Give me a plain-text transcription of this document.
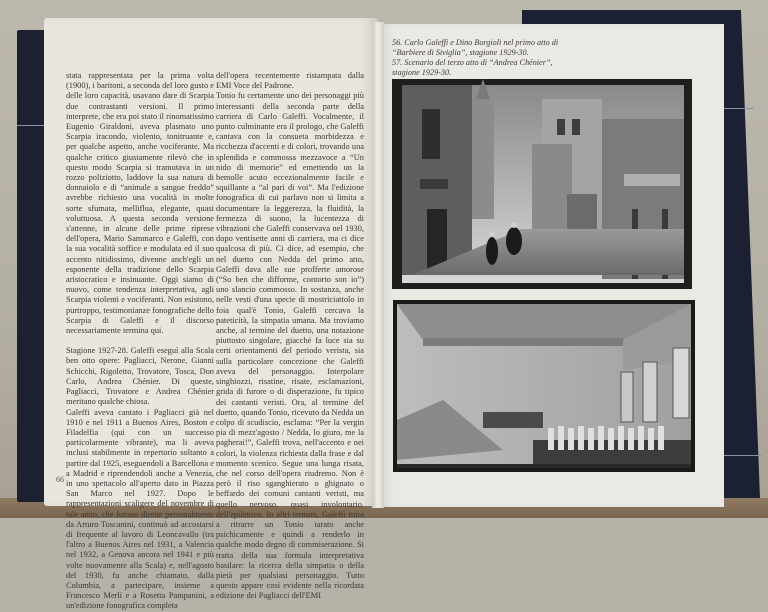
stata rappresentata per la prima volta (1900), i baritoni, a seconda del loro gusto e delle loro capacità, usavano dare di Scarpia due contrastanti versioni. Il primo interprete, che era poi stato il rinomatissimo Eugenio Giraldoni, aveva plasmato uno Scarpia iracondo, violento, tonitruante e, per qualche aspetto, anche vociferante. Ma qualche critico giustamente rilevò che in questo modo Scarpia si tramutava in un rozzo poliziotto, laddove la sua natura di donnaiolo e di “animale a sangue freddo” avrebbe richiesto una vocalità in molte sorte sfumata, melliflua, elegante, quasi voluttuosa. A questa seconda versione s'attenne, in alcune delle prime riprese dell'opera, Mario Sammarco e Galeffi, con la sua vocalità soffice e modulata ed il suo accento nitidissimo, divenne anch'egli un esponente della tradizione dello Scarpia aristocratico e insinuante. Oggi siamo di nuovo, come tendenza interpretativa, agli Scarpia violenti e vociferanti. Non esistono, purtroppo, testimonianze fonografiche dello Scarpia di Galeffi e il discorso necessariamente termina qui.

Stagione 1927-28. Galeffi eseguì alla Scala ben otto opere: Pagliacci, Nerone, Gianni Schicchi, Rigoletto, Trovatore, Tosca, Don Carlo, Andrea Chénier. Di queste, Pagliacci, Trovatore e Andrea Chénier meritano qualche chiosa.

Galeffi aveva cantato i Pagliacci già nel 1910 e nel 1911 a Buenos Aires, Boston e Filadelfia (qui con un successo particolarmente vibrante), ma li aveva inclusi stabilmente in repertorio soltanto a partire dal 1925, eseguendoli a Barcellona e a Madrid e riprendendoli anche a Venezia, in uno spettacolo all'aperto dato in Piazza San Marco nel 1927. Dopo le rappresentazioni scaligere del novembre di tale anno, che furono dirette personalmente da Arturo Toscanini, continuò ad accostarsi di frequente al lavoro di Leoncavallo (tra l'altro a Buenos Aires nel 1931, a Valencia nel 1932, a Genova ancora nel 1941 e più volte nuovamente alla Scala) e, nell'agosto del 1930, fu anche chiamato, dalla Columbia, a partecipare, insieme a Francesco Merli e a Rosetta Pampanini, a un'edizione fonografica completa

dell'opera recentemente ristampata dalla EMI Voce del Padrone.

Tonio fu certamente uno dei personaggi più interessanti della seconda parte della carriera di Carlo Galeffi. Vocalmente, il punto culminante era il prologo, che Galeffi cantava con la consueta morbidezza e ricchezza d'accenti e di colori, trovando una splendida e commossa mezzavoce a “Un nido di memorie” ed emettendo un la bemolle acuto eccezionalmente facile e squillante a “al pari di voi”. Ma l'edizione fonografica di cui parlavo non si limita a documentare la leggerezza, la fluidità, la fermezza di suono, la lucentezza di vibrazioni che Galeffi conservava nel 1930, dopo ventisette anni di carriera, ma ci dice qualcosa di più. Ci dice, ad esempio, che nel duetto con Nedda del primo atto, Galeffi dava alle sue profferte amorose (“So ben che difforme, contorto son io”) uno slancio commosso. In sostanza, anche nelle vesti d'una specie di mostriciattolo in foia qual'è Tonio, Galeffi cercava la pateticità, la simpatia umana. Ma troviamo anche, al termine del duetto, una notazione piuttosto singolare, giacché fa luce sia su certi orientamenti del periodo verista, sia sulla particolare concezione che Galeffi aveva del personaggio. Interpolare singhiozzi, risatine, risate, esclamazioni, grida di furore o di disperazione, fu tipico dei cantanti veristi. Ora, al termine del duetto, quando Tonio, ricevuto da Nedda un colpo di scudiscio, esclama: “Per la vergin pia di mezz'agosto / Nedda, lo giuro, me la pagherai!”, Galeffi trova, nell'accento e nei colori, la violenza richiesta dalla frase e dal momento scenico. Segue una lunga risata, che nel corso dell'opera riudremo. Non è però il riso sganghierato o ghignato o beffardo dei comuni cantanti veristi, ma quello nervoso, quasi involontario, dell'epilettico. In altri termini, Galeffi mira a ritrarre un Tonio tarato anche psichicamente e quindi a renderlo in qualche modo degno di commiserazione. Si tratta della sua formula interpretativa basilare: la ricerca della simpatia o della pietà per qualsiasi personaggio. Tutto questo appare così evidente nella ricordata edizione dei Pagliacci dell'EMI

66
56. Carlo Galeffi e Dino Borgioli nel primo atto di “Barbiere di Siviglia”, stagione 1929-30.
57. Scenario del terzo atto di “Andrea Chénier”, stagione 1929-30.
